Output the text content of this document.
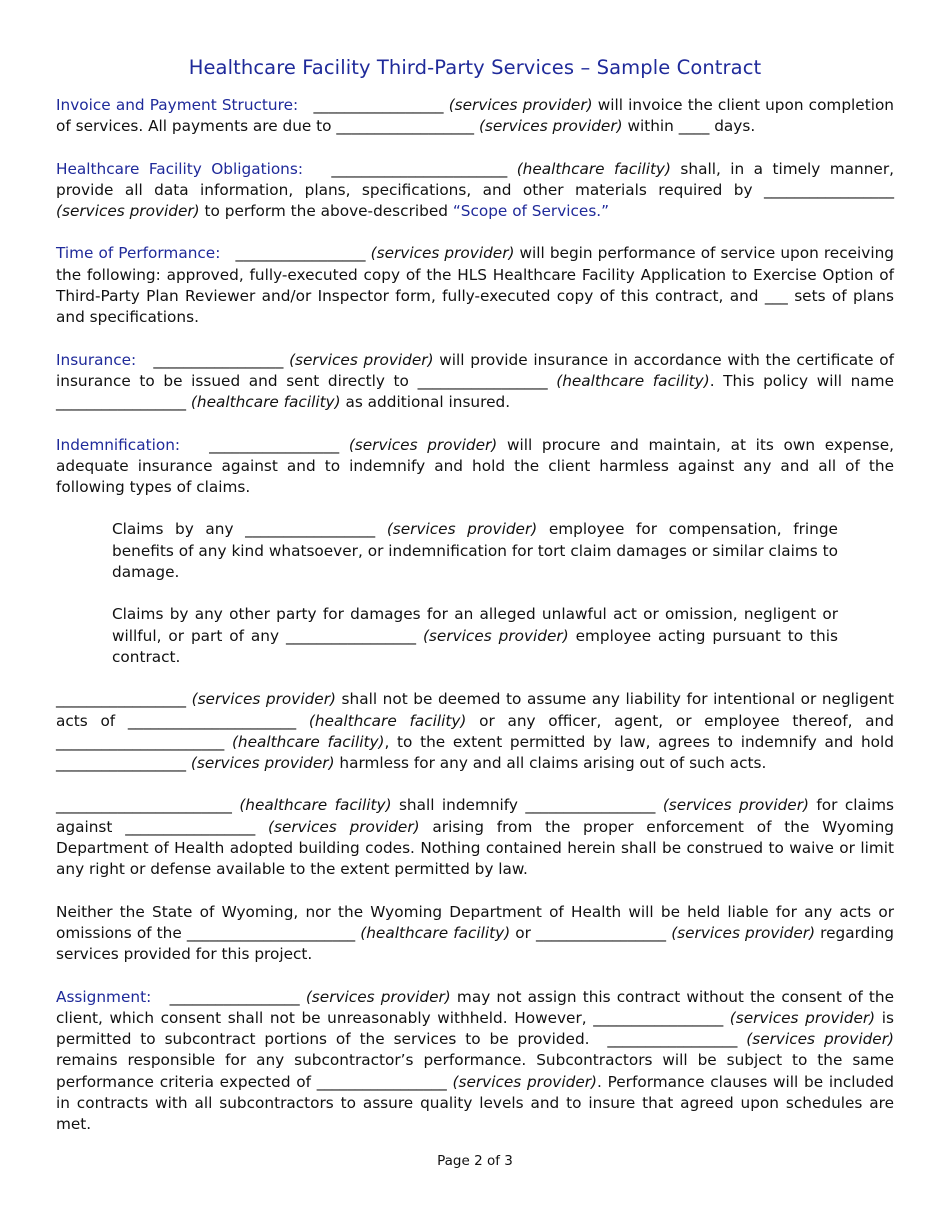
Healthcare Facility Third-Party Services – Sample Contract

Invoice and Payment Structure: _________________ (services provider) will invoice the client upon completion of services. All payments are due to __________________ (services provider) within ____ days.

Healthcare Facility Obligations: _______________________ (healthcare facility) shall, in a timely manner, provide all data information, plans, specifications, and other materials required by _________________ (services provider) to perform the above-described “Scope of Services.”

Time of Performance: _________________ (services provider) will begin performance of service upon receiving the following: approved, fully-executed copy of the HLS Healthcare Facility Application to Exercise Option of Third-Party Plan Reviewer and/or Inspector form, fully-executed copy of this contract, and ___ sets of plans and specifications.

Insurance: _________________ (services provider) will provide insurance in accordance with the certificate of insurance to be issued and sent directly to _________________ (healthcare facility). This policy will name _________________ (healthcare facility) as additional insured.

Indemnification: _________________ (services provider) will procure and maintain, at its own expense, adequate insurance against and to indemnify and hold the client harmless against any and all of the following types of claims.

Claims by any _________________ (services provider) employee for compensation, fringe benefits of any kind whatsoever, or indemnification for tort claim damages or similar claims to damage.

Claims by any other party for damages for an alleged unlawful act or omission, negligent or willful, or part of any _________________ (services provider) employee acting pursuant to this contract.

_________________ (services provider) shall not be deemed to assume any liability for intentional or negligent acts of ______________________ (healthcare facility) or any officer, agent, or employee thereof, and ______________________ (healthcare facility), to the extent permitted by law, agrees to indemnify and hold _________________ (services provider) harmless for any and all claims arising out of such acts.

_______________________ (healthcare facility) shall indemnify _________________ (services provider) for claims against _________________ (services provider) arising from the proper enforcement of the Wyoming Department of Health adopted building codes. Nothing contained herein shall be construed to waive or limit any right or defense available to the extent permitted by law.

Neither the State of Wyoming, nor the Wyoming Department of Health will be held liable for any acts or omissions of the ______________________ (healthcare facility) or _________________ (services provider) regarding services provided for this project.

Assignment: _________________ (services provider) may not assign this contract without the consent of the client, which consent shall not be unreasonably withheld. However, _________________ (services provider) is permitted to subcontract portions of the services to be provided. _________________ (services provider) remains responsible for any subcontractor’s performance. Subcontractors will be subject to the same performance criteria expected of _________________ (services provider). Performance clauses will be included in contracts with all subcontractors to assure quality levels and to insure that agreed upon schedules are met.

Page 2 of 3
